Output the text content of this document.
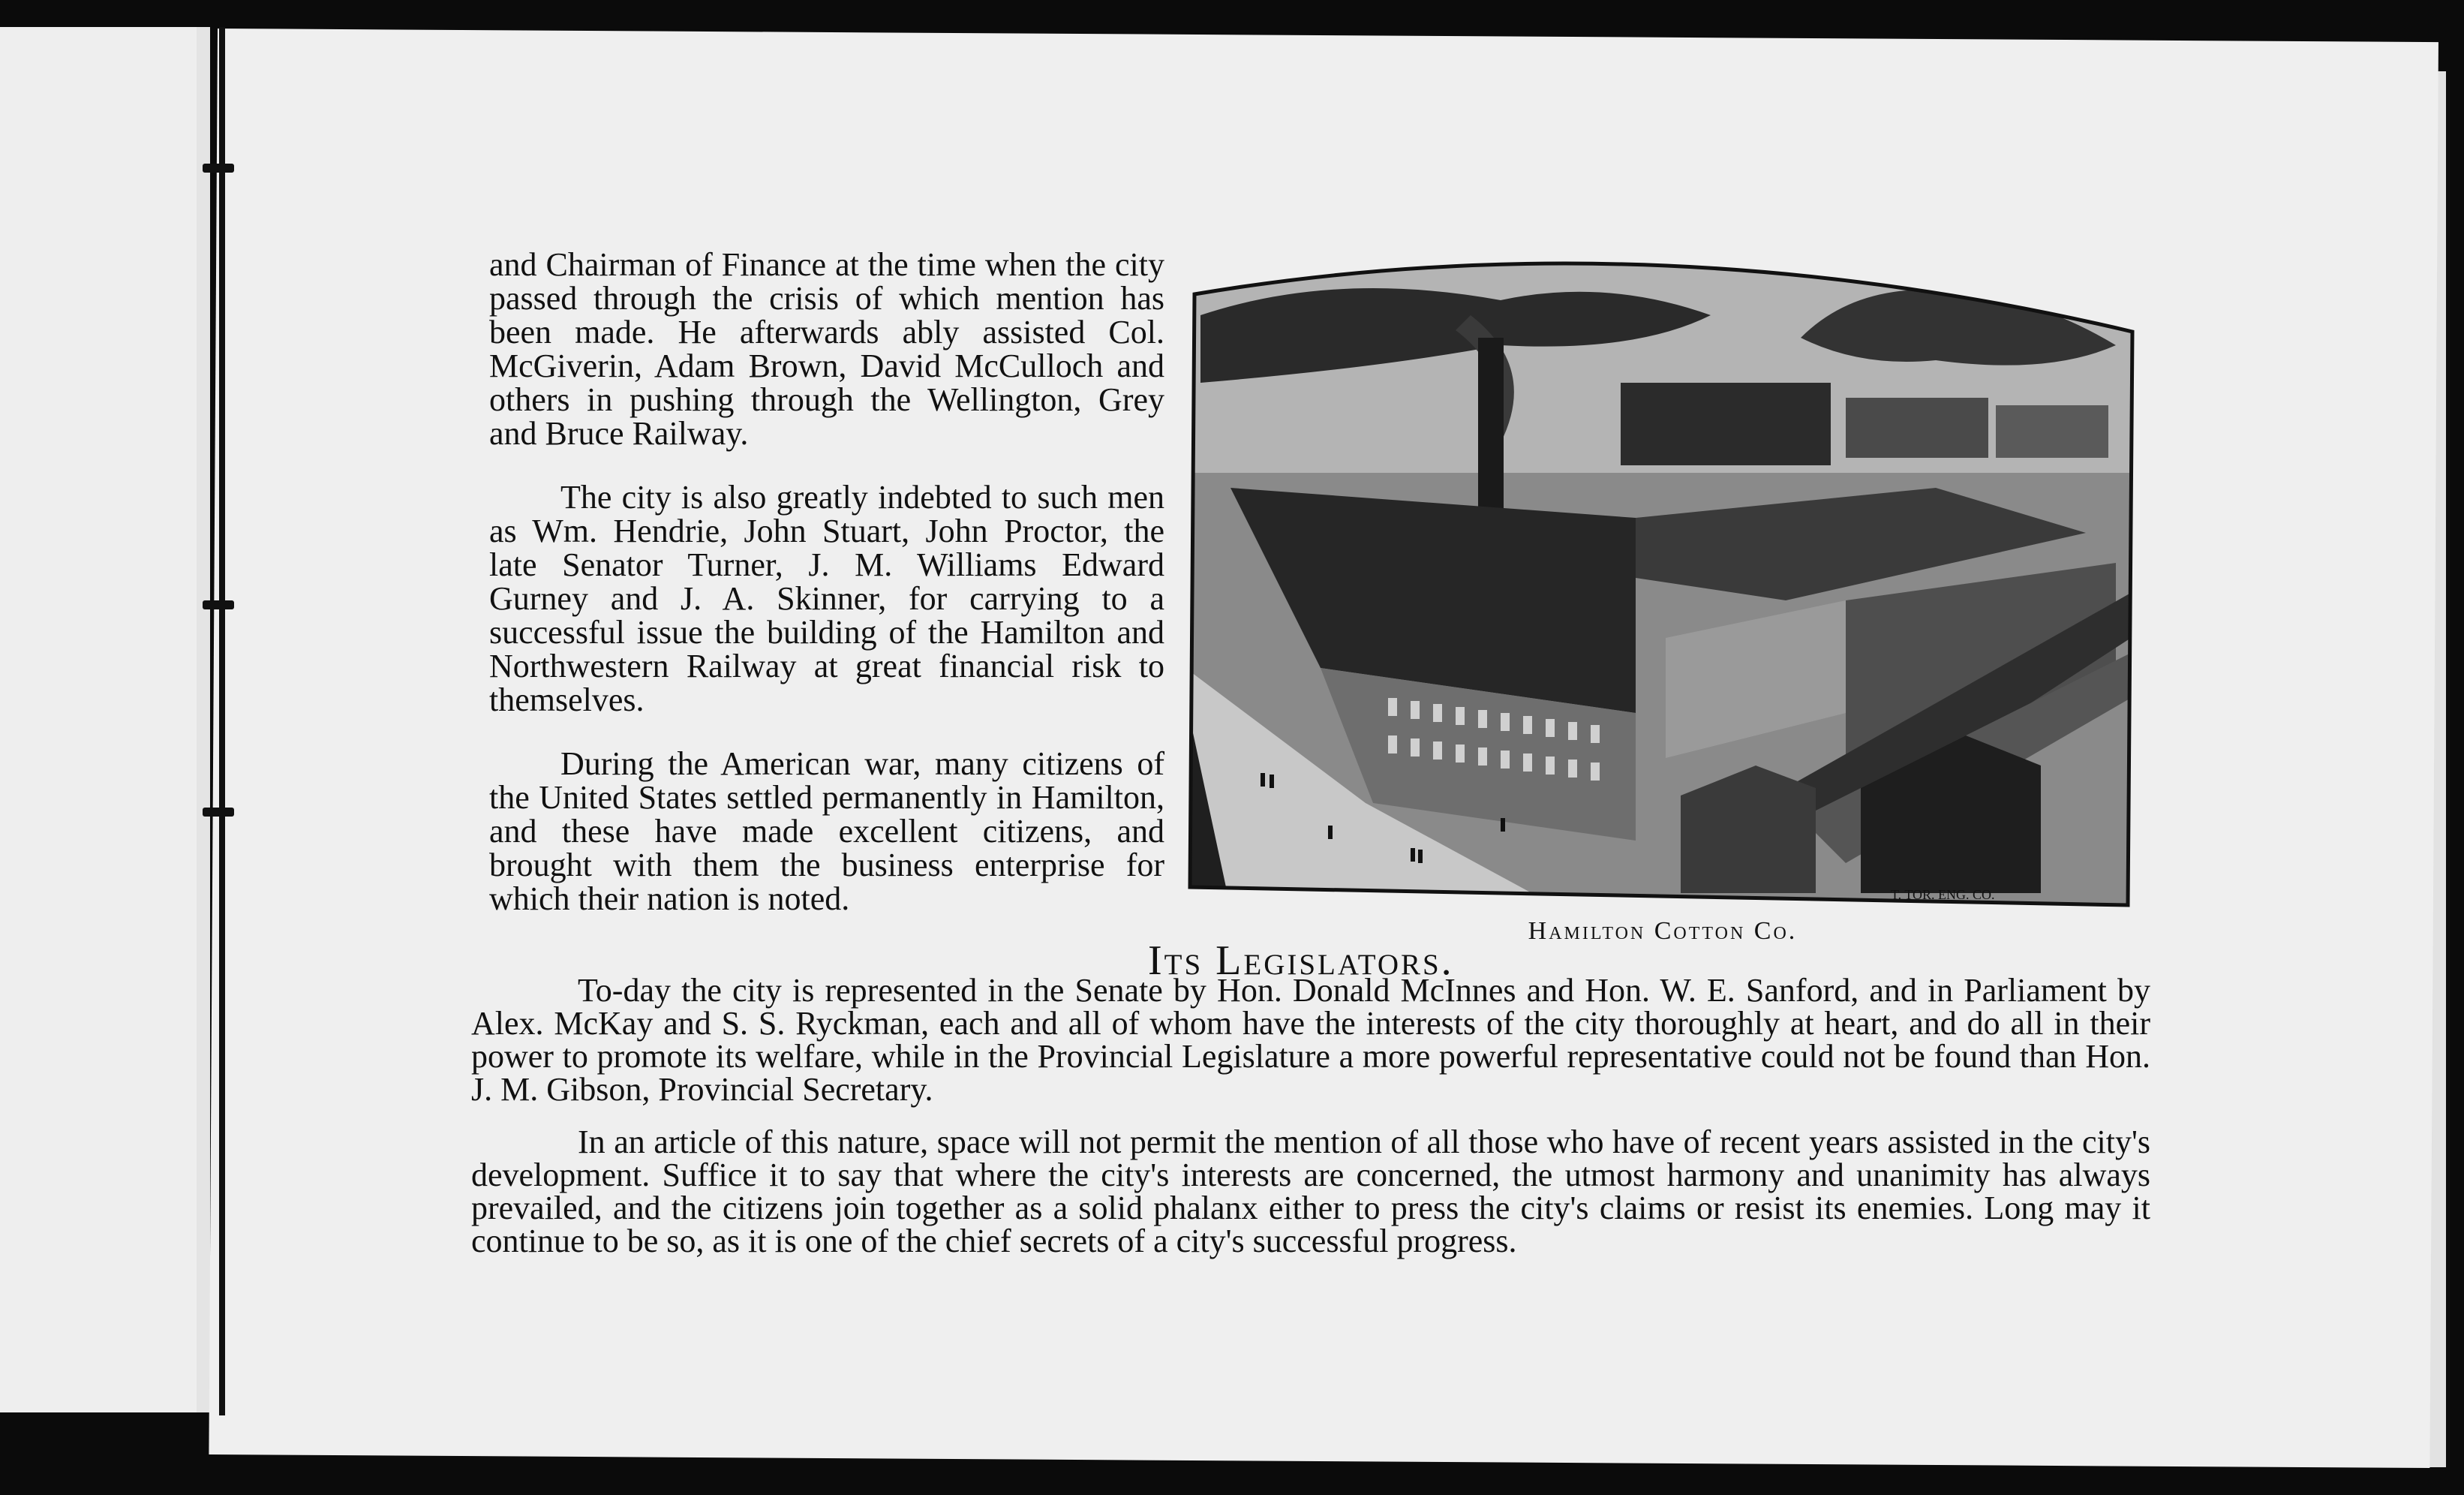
and Chairman of Finance at the time when the city passed through the crisis of which mention has been made. He afterwards ably assisted Col. McGiverin, Adam Brown, David McCulloch and others in pushing through the Wellington, Grey and Bruce Railway.

The city is also greatly indebted to such men as Wm. Hendrie, John Stuart, John Proctor, the late Senator Turner, J. M. Williams Edward Gurney and J. A. Skinner, for carrying to a successful issue the building of the Hamilton and Northwestern Railway at great financial risk to themselves.

During the American war, many citizens of the United States settled permanently in Hamilton, and these have made excellent citizens, and brought with them the business enterprise for which their nation is noted.	T. TOR. ENG. CO.
Hamilton Cotton Co.
Its Legislators.

To-day the city is represented in the Senate by Hon. Donald McInnes and Hon. W. E. Sanford, and in Parliament by Alex. McKay and S. S. Ryckman, each and all of whom have the interests of the city thoroughly at heart, and do all in their power to promote its welfare, while in the Provincial Legislature a more powerful representative could not be found than Hon. J. M. Gibson, Provincial Secretary.

In an article of this nature, space will not permit the mention of all those who have of recent years assisted in the city's development. Suffice it to say that where the city's interests are concerned, the utmost harmony and unanimity has always prevailed, and the citizens join together as a solid phalanx either to press the city's claims or resist its enemies. Long may it continue to be so, as it is one of the chief secrets of a city's successful progress.
